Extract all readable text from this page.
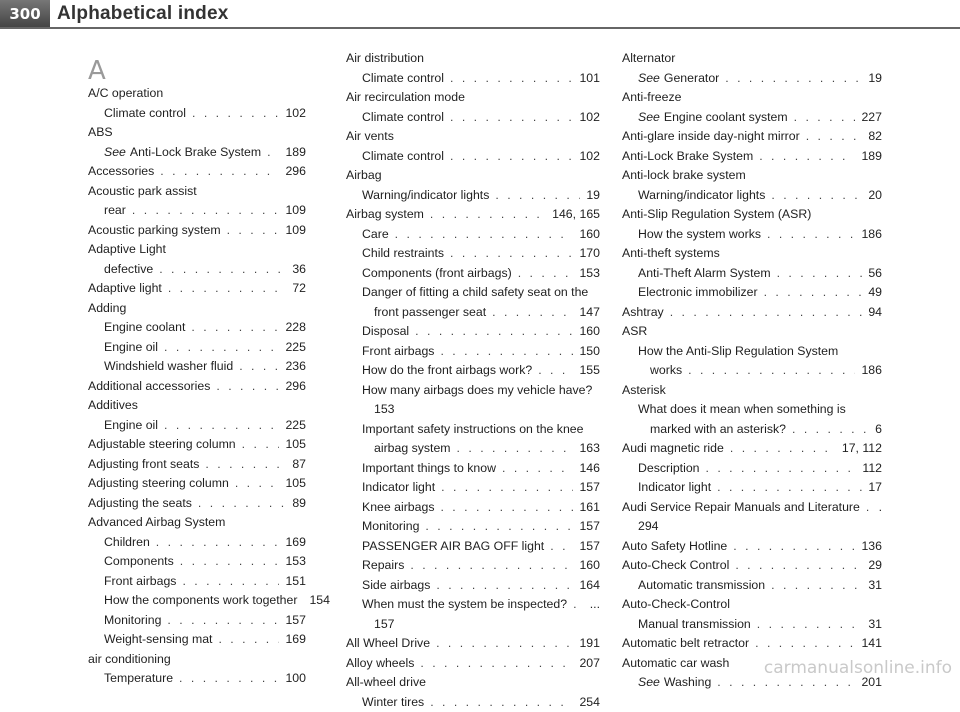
300 Alphabetical index
A
A/C operation
Climate control . . .	102
ABS
See Anti-Lock Brake System . . . 189
Accessories . . .	296
Acoustic park assist
rear . . .	109
Acoustic parking system . . .	109
Adaptive Light
defective . . .	36
Adaptive light . . .	72
Adding
Engine coolant . . .	228
Engine oil . . .	225
Windshield washer fluid . . .	236
Additional accessories . . .	296
Additives
Engine oil . . .	225
Adjustable steering column . . .	105
Adjusting front seats . . .	87
Adjusting steering column . . .	105
Adjusting the seats . . .	89
Advanced Airbag System
Children . . .	169
Components . . .	153
Front airbags . . .	151
How the components work together 154
Monitoring . . .	157
Weight-sensing mat . . .	169
air conditioning
Temperature . . .	100
Air distribution
Climate control . . .	101
Air recirculation mode
Climate control . . .	102
Air vents
Climate control . . .	102
Airbag
Warning/indicator lights . . .	19
Airbag system . . .	146, 165
Care . . .	160
Child restraints . . .	170
Components (front airbags) . . .	153
Danger of fitting a child safety seat on the
front passenger seat . . .	147
Disposal . . .	160
Front airbags . . .	150
How do the front airbags work? . . .	155
How many airbags does my vehicle have?
153
Important safety instructions on the knee
airbag system . . .	163
Important things to know . . .	146
Indicator light . . .	157
Knee airbags . . .	161
Monitoring . . .	157
PASSENGER AIR BAG OFF light . . .	157
Repairs . . .	160
Side airbags . . .	164
When must the system be inspected? . . . ...
157
All Wheel Drive . . .	191
Alloy wheels . . .	207
All-wheel drive
Winter tires . . .	254
Alternator
See Generator . . .	19
Anti-freeze
See Engine coolant system . . .	227
Anti-glare inside day-night mirror . . .	82
Anti-Lock Brake System . . .	189
Anti-lock brake system
Warning/indicator lights . . .	20
Anti-Slip Regulation System (ASR)
How the system works . . .	186
Anti-theft systems
Anti-Theft Alarm System . . .	56
Electronic immobilizer . . .	49
Ashtray . . .	94
ASR
How the Anti-Slip Regulation System
works . . .	186
Asterisk
What does it mean when something is
marked with an asterisk? . . .	6
Audi magnetic ride . . .	17, 112
Description . . .	112
Indicator light . . .	17
Audi Service Repair Manuals and Literature . . . .
294
Auto Safety Hotline . . .	136
Auto-Check Control . . .	29
Automatic transmission . . .	31
Auto-Check-Control
Manual transmission . . .	31
Automatic belt retractor . . .	141
Automatic car wash
See Washing . . .	201
carmanualsonline.info
